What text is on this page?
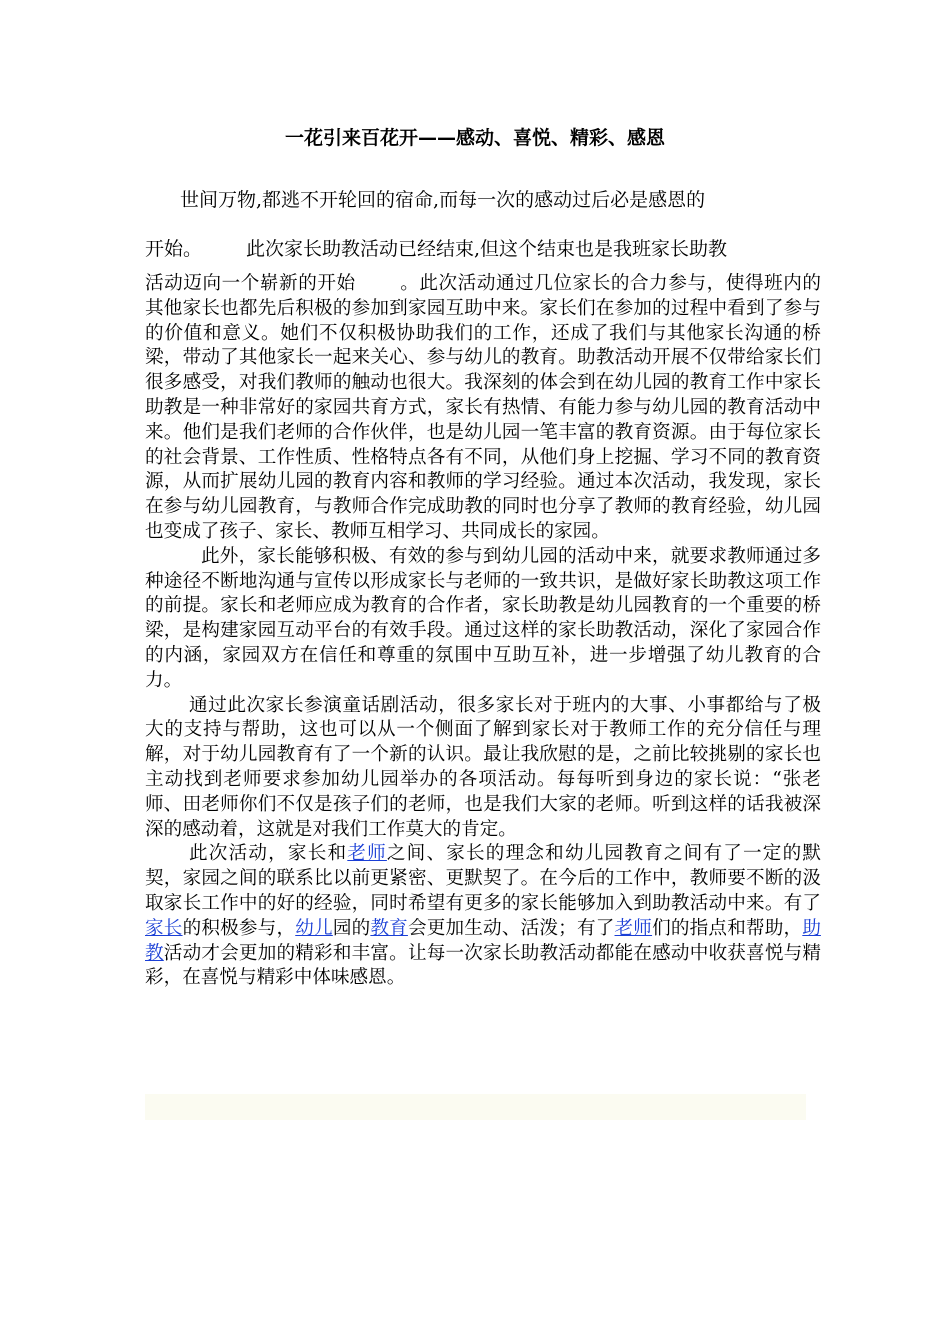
一花引来百花开——感动、喜悦、精彩、感恩

世间万物,都逃不开轮回的宿命,而每一次的感动过后必是感恩的

开始。 此次家长助教活动已经结束,但这个结束也是我班家长助教

活动迈向一个崭新的开始 。此次活动通过几位家长的合力参与，使得班内的其他家长也都先后积极的参加到家园互助中来。家长们在参加的过程中看到了参与的价值和意义。她们不仅积极协助我们的工作，还成了我们与其他家长沟通的桥梁，带动了其他家长一起来关心、参与幼儿的教育。助教活动开展不仅带给家长们很多感受，对我们教师的触动也很大。我深刻的体会到在幼儿园的教育工作中家长助教是一种非常好的家园共育方式，家长有热情、有能力参与幼儿园的教育活动中来。他们是我们老师的合作伙伴，也是幼儿园一笔丰富的教育资源。由于每位家长的社会背景、工作性质、性格特点各有不同，从他们身上挖掘、学习不同的教育资源，从而扩展幼儿园的教育内容和教师的学习经验。通过本次活动，我发现，家长在参与幼儿园教育，与教师合作完成助教的同时也分享了教师的教育经验，幼儿园也变成了孩子、家长、教师互相学习、共同成长的家园。

此外，家长能够积极、有效的参与到幼儿园的活动中来，就要求教师通过多种途径不断地沟通与宣传以形成家长与老师的一致共识，是做好家长助教这项工作的前提。家长和老师应成为教育的合作者，家长助教是幼儿园教育的一个重要的桥梁，是构建家园互动平台的有效手段。通过这样的家长助教活动，深化了家园合作的内涵，家园双方在信任和尊重的氛围中互助互补，进一步增强了幼儿教育的合力。

通过此次家长参演童话剧活动，很多家长对于班内的大事、小事都给与了极大的支持与帮助，这也可以从一个侧面了解到家长对于教师工作的充分信任与理解，对于幼儿园教育有了一个新的认识。最让我欣慰的是，之前比较挑剔的家长也主动找到老师要求参加幼儿园举办的各项活动。每每听到身边的家长说：“张老师、田老师你们不仅是孩子们的老师，也是我们大家的老师。听到这样的话我被深深的感动着，这就是对我们工作莫大的肯定。

此次活动，家长和老师之间、家长的理念和幼儿园教育之间有了一定的默契，家园之间的联系比以前更紧密、更默契了。在今后的工作中，教师要不断的汲取家长工作中的好的经验，同时希望有更多的家长能够加入到助教活动中来。有了家长的积极参与，幼儿园的教育会更加生动、活泼；有了老师们的指点和帮助，助教活动才会更加的精彩和丰富。让每一次家长助教活动都能在感动中收获喜悦与精彩，在喜悦与精彩中体味感恩。
